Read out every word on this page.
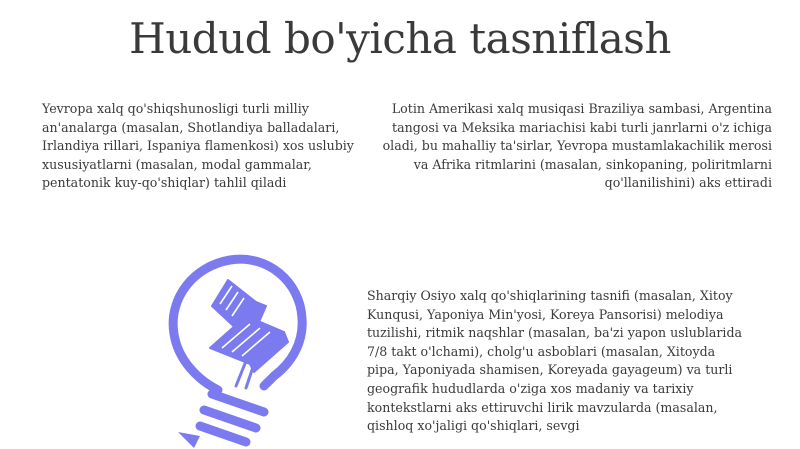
Hudud bo'yicha tasniflash

Yevropa xalq qo'shiqshunosligi turli milliy an'analarga (masalan, Shotlandiya balladalari, Irlandiya rillari, Ispaniya flamenkosi) xos uslubiy xususiyatlarni (masalan, modal gammalar, pentatonik kuy-qo'shiqlar) tahlil qiladi

Lotin Amerikasi xalq musiqasi Braziliya sambasi, Argentina tangosi va Meksika mariachisi kabi turli janrlarni o'z ichiga oladi, bu mahalliy ta'sirlar, Yevropa mustamlakachilik merosi va Afrika ritmlarini (masalan, sinkopaning, poliritmlarni qo'llanilishini) aks ettiradi

Sharqiy Osiyo xalq qo'shiqlarining tasnifi (masalan, Xitoy Kunqusi, Yaponiya Min'yosi, Koreya Pansorisi) melodiya tuzilishi, ritmik naqshlar (masalan, ba'zi yapon uslublarida 7/8 takt o'lchami), cholg'u asboblari (masalan, Xitoyda pipa, Yaponiyada shamisen, Koreyada gayageum) va turli geografik hududlarda o'ziga xos madaniy va tarixiy kontekstlarni aks ettiruvchi lirik mavzularda (masalan, qishloq xo'jaligi qo'shiqlari, sevgi
